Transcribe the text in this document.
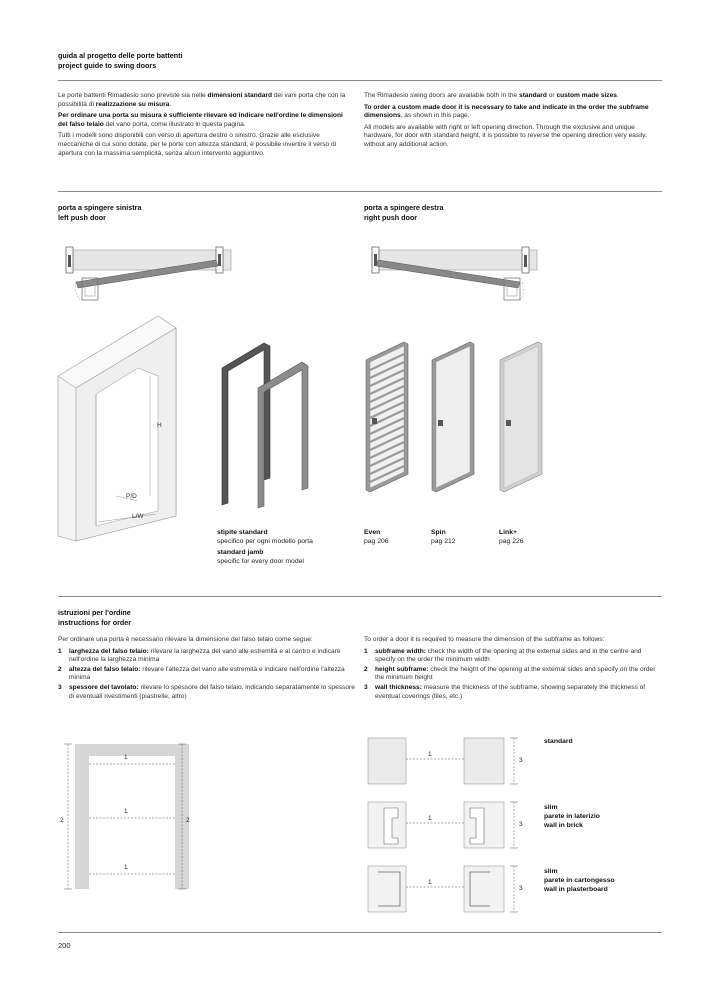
guida al progetto delle porte battenti
project guide to swing doors

Le porte battenti Rimadesio sono previste sia nelle dimensioni standard dei vani porta che con la possibilità di realizzazione su misura.

Per ordinare una porta su misura è sufficiente rilevare ed indicare nell'ordine le dimensioni del falso telaio del vano porta, come illustrato in questa pagina.

Tutti i modelli sono disponibili con verso di apertura destro o sinistro. Grazie alle esclusive meccaniche di cui sono dotate, per le porte con altezza standard, è possibile invertire il verso di apertura con la massima semplicità, senza alcun intervento aggiuntivo.

The Rimadesio swing doors are available both in the standard or custom made sizes.

To order a custom made door it is necessary to take and indicate in the order the subframe dimensions, as shown in this page.

All models are available with right or left opening direction. Through the exclusive and unique hardware, for door with standard height, it is possible to reverse the opening direction very easily, without any additional action.

porta a spingere sinistra
left push door
porta a spingere destra
right push door
H
P/D
L/W
stipite standard
specifico per ogni modello porta
standard jamb
specific for every door model
Even
pag 206
Spin
pag 212
Link+
pag 226
istruzioni per l'ordine
instructions for order

Per ordinare una porta è necessario rilevare la dimensione del falso telaio come segue:

1 larghezza del falso telaio: rilevare la larghezza del vano alle estremità e al centro e indicare nell'ordine la larghezza minima
2 altezza del falso telaio: rilevare l'altezza del vano alle estremità e indicare nell'ordine l'altezza minima
3 spessore del tavolato: rilevare lo spessore del falso telaio, indicando separatamente lo spessore di eventuali rivestimenti (piastrelle, altro)

To order a door it is required to measure the dimension of the subframe as follows:

1 subframe width: check the width of the opening at the external sides and in the centre and specify on the order the minimum width
2 height subframe: check the height of the opening at the external sides and specify on the order the minimum height
3 wall thickness: measure the thickness of the subframe, showing separately the thickness of eventual coverings (tiles, etc.)
1
1
1
2	2
1
3
1
3
1
3
standard
slim
parete in laterizio
wall in brick
slim
parete in cartongesso
wall in plasterboard
200
